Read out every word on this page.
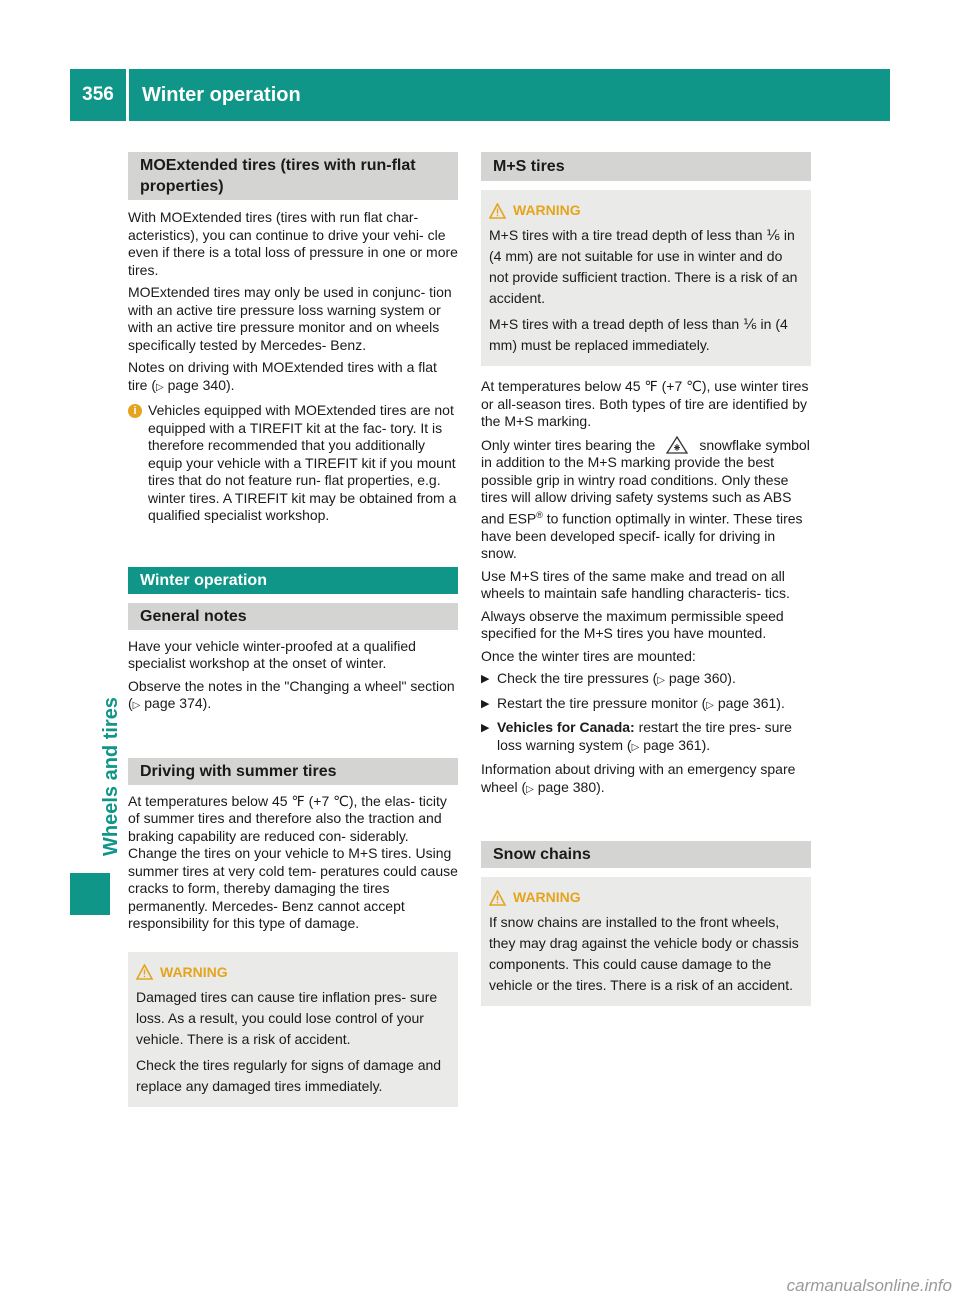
356	Winter operation
Wheels and tires
MOExtended tires (tires with run-flat
properties)

With MOExtended tires (tires with run flat char- acteristics), you can continue to drive your vehi- cle even if there is a total loss of pressure in one or more tires.

MOExtended tires may only be used in conjunc- tion with an active tire pressure loss warning system or with an active tire pressure monitor and on wheels specifically tested by Mercedes- Benz.

Notes on driving with MOExtended tires with a flat tire (▷ page 340).

i Vehicles equipped with MOExtended tires are not equipped with a TIREFIT kit at the fac- tory. It is therefore recommended that you additionally equip your vehicle with a TIREFIT kit if you mount tires that do not feature run- flat properties, e.g. winter tires. A TIREFIT kit may be obtained from a qualified specialist workshop.
Winter operation
General notes

Have your vehicle winter-proofed at a qualified specialist workshop at the onset of winter.

Observe the notes in the "Changing a wheel" section (▷ page 374).

Driving with summer tires

At temperatures below 45 ℉ (+7 ℃), the elas- ticity of summer tires and therefore also the traction and braking capability are reduced con- siderably. Change the tires on your vehicle to M+S tires. Using summer tires at very cold tem- peratures could cause cracks to form, thereby damaging the tires permanently. Mercedes- Benz cannot accept responsibility for this type of damage.

WARNING

Damaged tires can cause tire inflation pres- sure loss. As a result, you could lose control of your vehicle. There is a risk of accident.

Check the tires regularly for signs of damage and replace any damaged tires immediately.

M+S tires
WARNING

M+S tires with a tire tread depth of less than ⅙ in (4 mm) are not suitable for use in winter and do not provide sufficient traction. There is a risk of an accident.

M+S tires with a tread depth of less than ⅙ in (4 mm) must be replaced immediately.

At temperatures below 45 ℉ (+7 ℃), use winter tires or all-season tires. Both types of tire are identified by the M+S marking.

Only winter tires bearing the	snowflake symbol in addition to the M+S marking provide the best possible grip in wintry road conditions. Only these tires will allow driving safety systems such as ABS and ESP® to function optimally in winter. These tires have been developed specif- ically for driving in snow.

Use M+S tires of the same make and tread on all wheels to maintain safe handling characteris- tics.

Always observe the maximum permissible speed specified for the M+S tires you have mounted.

Once the winter tires are mounted:

▶ Check the tire pressures (▷ page 360).

▶ Restart the tire pressure monitor (▷ page 361).

▶ Vehicles for Canada: restart the tire pres- sure loss warning system (▷ page 361).

Information about driving with an emergency spare wheel (▷ page 380).

Snow chains
WARNING

If snow chains are installed to the front wheels, they may drag against the vehicle body or chassis components. This could cause damage to the vehicle or the tires. There is a risk of an accident.

carmanualsonline.info
